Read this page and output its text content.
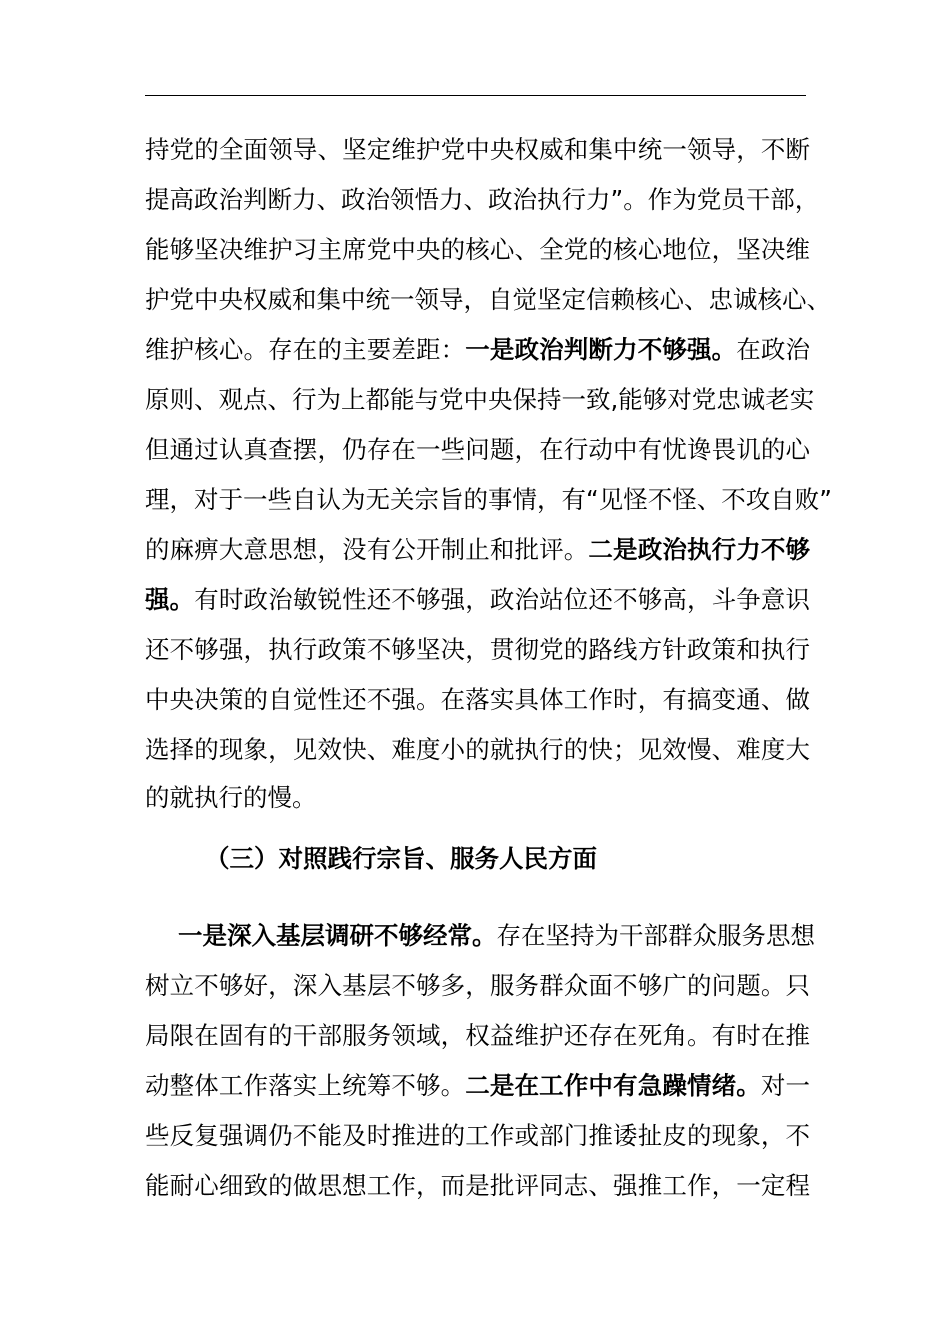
持党的全面领导、坚定维护党中央权威和集中统一领导，不断
提高政治判断力、政治领悟力、政治执行力”。作为党员干部，
能够坚决维护习主席党中央的核心、全党的核心地位，坚决维
护党中央权威和集中统一领导，自觉坚定信赖核心、忠诚核心、
维护核心。存在的主要差距：一是政治判断力不够强。在政治
原则、观点、行为上都能与党中央保持一致,能够对党忠诚老实
但通过认真查摆，仍存在一些问题，在行动中有忧谗畏讥的心
理，对于一些自认为无关宗旨的事情，有“见怪不怪、不攻自败”
的麻痹大意思想，没有公开制止和批评。二是政治执行力不够
强。有时政治敏锐性还不够强，政治站位还不够高，斗争意识
还不够强，执行政策不够坚决，贯彻党的路线方针政策和执行
中央决策的自觉性还不强。在落实具体工作时，有搞变通、做
选择的现象，见效快、难度小的就执行的快；见效慢、难度大
的就执行的慢。
（三）对照践行宗旨、服务人民方面
一是深入基层调研不够经常。存在坚持为干部群众服务思想
树立不够好，深入基层不够多，服务群众面不够广的问题。只
局限在固有的干部服务领域，权益维护还存在死角。有时在推
动整体工作落实上统筹不够。二是在工作中有急躁情绪。对一
些反复强调仍不能及时推进的工作或部门推诿扯皮的现象，不
能耐心细致的做思想工作，而是批评同志、强推工作，一定程
